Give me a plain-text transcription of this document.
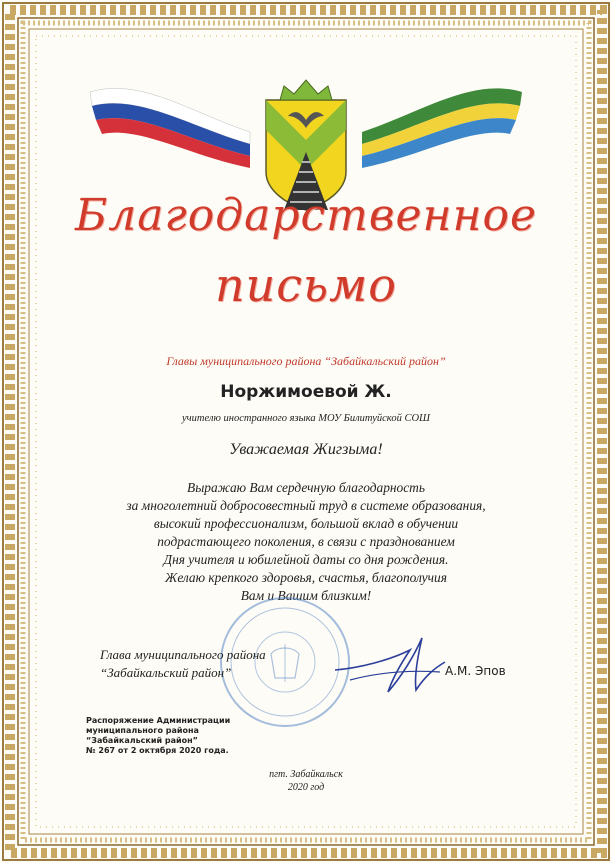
Благодарственное
письмо
Главы муниципального района “Забайкальский район”
Норжимоевой Ж.
учителю иностранного языка МОУ Билитуйской СОШ
Уважаемая Жигзыма!
Выражаю Вам сердечную благодарность
за многолетний добросовестный труд в системе образования,
высокий профессионализм, большой вклад в обучении
подрастающего поколения, в связи с празднованием
Дня учителя и юбилейной даты со дня рождения.
Желаю крепкого здоровья, счастья, благополучия
Вам и Вашим близким!
Глава муниципального района
“Забайкальский район”	А.М. Эпов
Распоряжение Администрации
муниципального района
“Забайкальский район”
№ 267 от 2 октября 2020 года.
пгт. Забайкальск
2020 год
